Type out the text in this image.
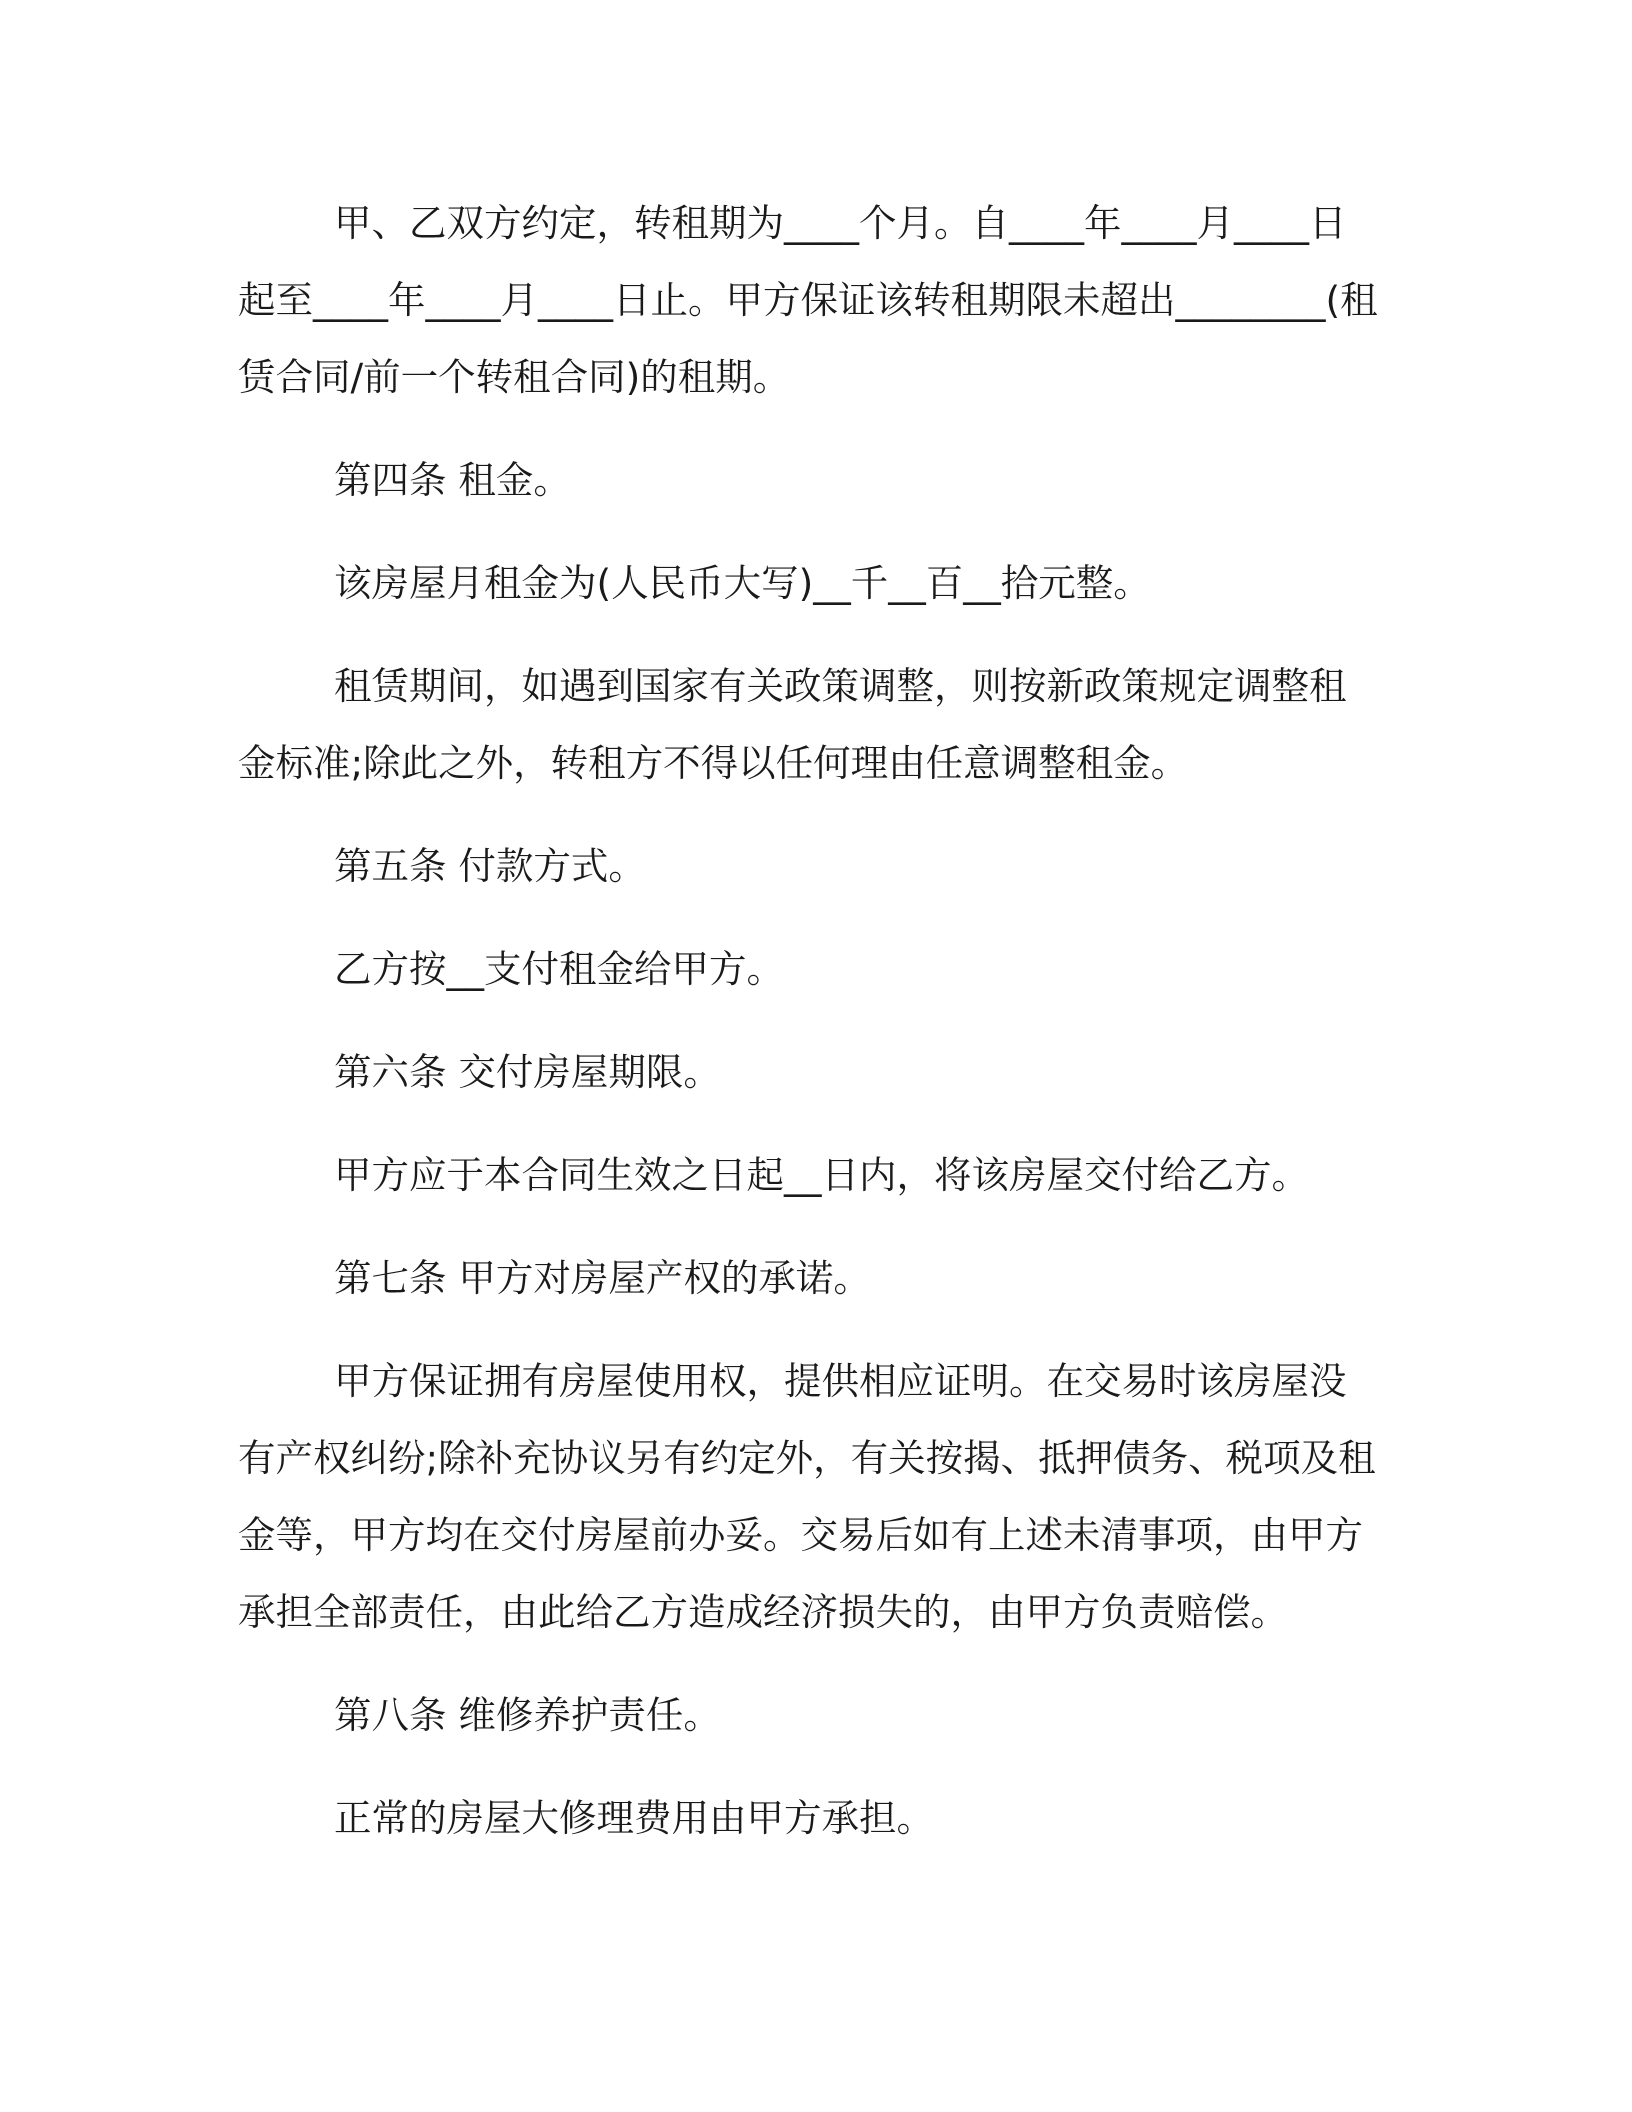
甲、乙双方约定，转租期为____个月。自____年____月____日起至____年____月____日止。甲方保证该转租期限未超出________(租赁合同/前一个转租合同)的租期。

第四条 租金。

该房屋月租金为(人民币大写)__千__百__拾元整。

租赁期间，如遇到国家有关政策调整，则按新政策规定调整租金标准;除此之外，转租方不得以任何理由任意调整租金。

第五条 付款方式。

乙方按__支付租金给甲方。

第六条 交付房屋期限。

甲方应于本合同生效之日起__日内，将该房屋交付给乙方。

第七条 甲方对房屋产权的承诺。

甲方保证拥有房屋使用权，提供相应证明。在交易时该房屋没有产权纠纷;除补充协议另有约定外，有关按揭、抵押债务、税项及租金等，甲方均在交付房屋前办妥。交易后如有上述未清事项，由甲方承担全部责任，由此给乙方造成经济损失的，由甲方负责赔偿。

第八条 维修养护责任。

正常的房屋大修理费用由甲方承担。
